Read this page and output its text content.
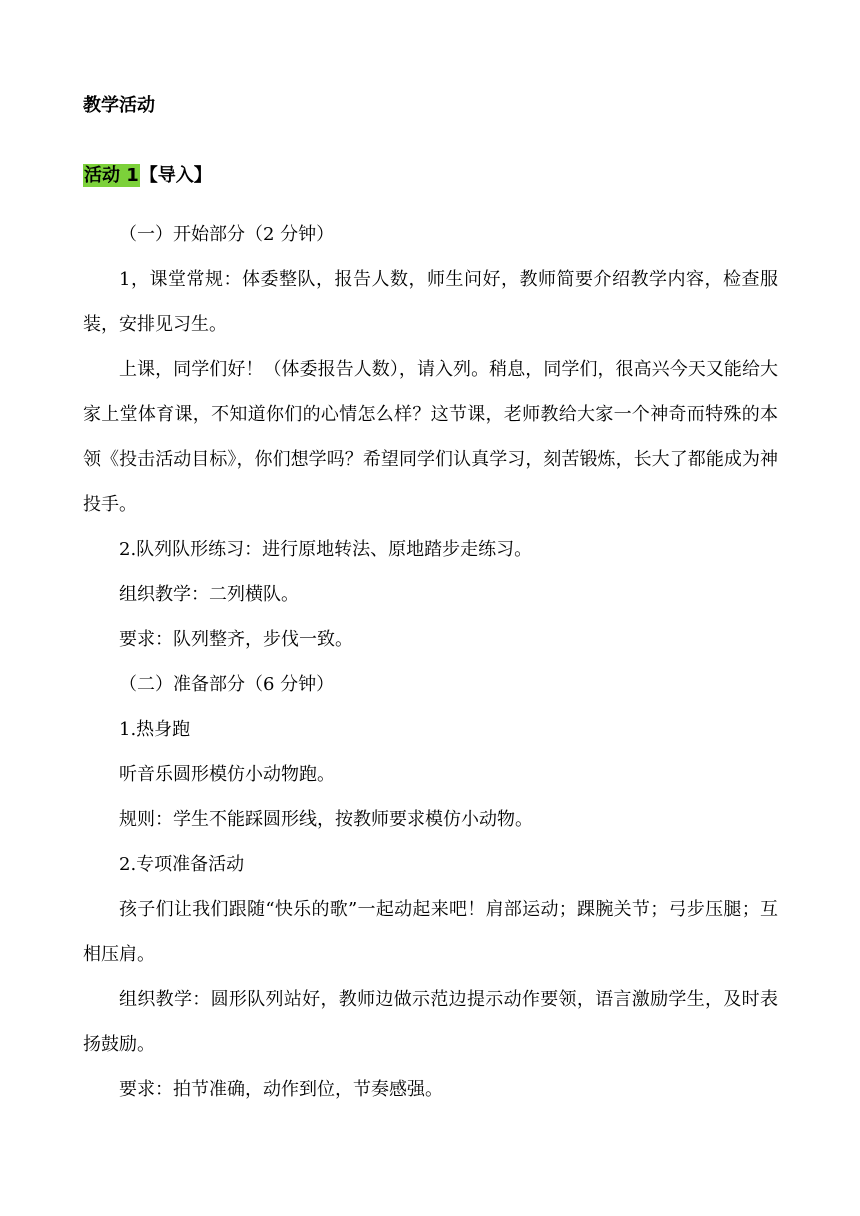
教学活动
活动 1【导入】

（一）开始部分（2 分钟）

1，课堂常规：体委整队，报告人数，师生问好，教师简要介绍教学内容，检查服装，安排见习生。

上课，同学们好！（体委报告人数），请入列。稍息，同学们，很高兴今天又能给大家上堂体育课，不知道你们的心情怎么样？这节课，老师教给大家一个神奇而特殊的本领《投击活动目标》，你们想学吗？希望同学们认真学习，刻苦锻炼，长大了都能成为神投手。

2.队列队形练习：进行原地转法、原地踏步走练习。

组织教学：二列横队。

要求：队列整齐，步伐一致。

（二）准备部分（6 分钟）

1.热身跑

听音乐圆形模仿小动物跑。

规则：学生不能踩圆形线，按教师要求模仿小动物。

2.专项准备活动

孩子们让我们跟随“快乐的歌”一起动起来吧！肩部运动；踝腕关节；弓步压腿；互相压肩。

组织教学：圆形队列站好，教师边做示范边提示动作要领，语言激励学生，及时表扬鼓励。

要求：拍节准确，动作到位，节奏感强。
